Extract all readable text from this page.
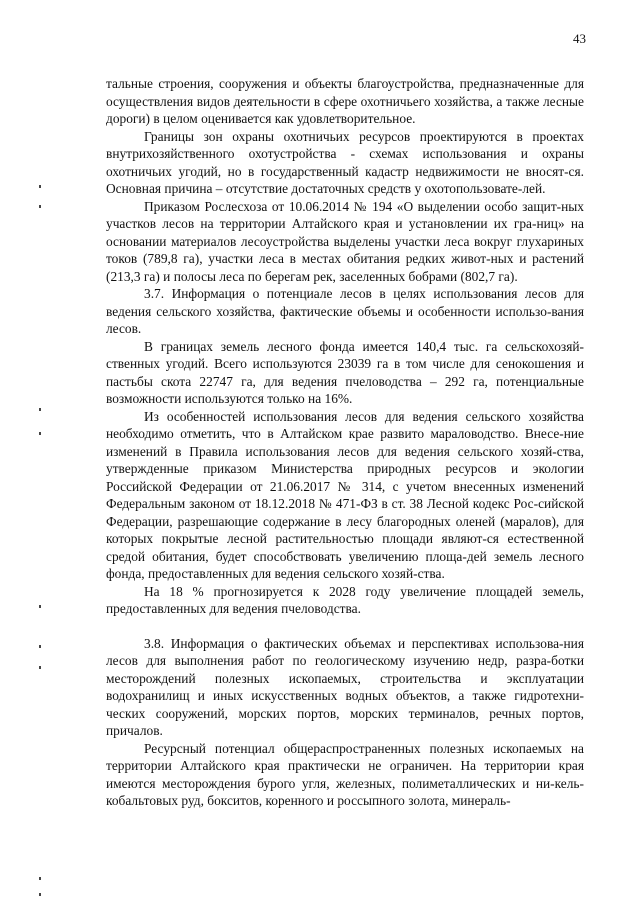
43

тальные строения, сооружения и объекты благоустройства, предназначенные для осуществления видов деятельности в сфере охотничьего хозяйства, а также лесные дороги) в целом оценивается как удовлетворительное.

Границы зон охраны охотничьих ресурсов проектируются в проектах внутрихозяйственного охотустройства - схемах использования и охраны охотничьих угодий, но в государственный кадастр недвижимости не вносят-ся. Основная причина – отсутствие достаточных средств у охотопользовате-лей.

Приказом Рослесхоза от 10.06.2014 № 194 «О выделении особо защит-ных участков лесов на территории Алтайского края и установлении их гра-ниц» на основании материалов лесоустройства выделены участки леса вокруг глухариных токов (789,8 га), участки леса в местах обитания редких живот-ных и растений (213,3 га) и полосы леса по берегам рек, заселенных бобрами (802,7 га).

3.7. Информация о потенциале лесов в целях использования лесов для ведения сельского хозяйства, фактические объемы и особенности использо-вания лесов.

В границах земель лесного фонда имеется 140,4 тыс. га сельскохозяй-ственных угодий. Всего используются 23039 га в том числе для сенокошения и пастьбы скота 22747 га, для ведения пчеловодства – 292 га, потенциальные возможности используются только на 16%.

Из особенностей использования лесов для ведения сельского хозяйства необходимо отметить, что в Алтайском крае развито мараловодство. Внесе-ние изменений в Правила использования лесов для ведения сельского хозяй-ства, утвержденные приказом Министерства природных ресурсов и экологии Российской Федерации от 21.06.2017 № 314, с учетом внесенных изменений Федеральным законом от 18.12.2018 № 471-ФЗ в ст. 38 Лесной кодекс Рос-сийской Федерации, разрешающие содержание в лесу благородных оленей (маралов), для которых покрытые лесной растительностью площади являют-ся естественной средой обитания, будет способствовать увеличению площа-дей земель лесного фонда, предоставленных для ведения сельского хозяй-ства.

На 18 % прогнозируется к 2028 году увеличение площадей земель, предоставленных для ведения пчеловодства.

3.8. Информация о фактических объемах и перспективах использова-ния лесов для выполнения работ по геологическому изучению недр, разра-ботки месторождений полезных ископаемых, строительства и эксплуатации водохранилищ и иных искусственных водных объектов, а также гидротехни-ческих сооружений, морских портов, морских терминалов, речных портов, причалов.

Ресурсный потенциал общераспространенных полезных ископаемых на территории Алтайского края практически не ограничен. На территории края имеются месторождения бурого угля, железных, полиметаллических и ни-кель-кобальтовых руд, бокситов, коренного и россыпного золота, минераль-
